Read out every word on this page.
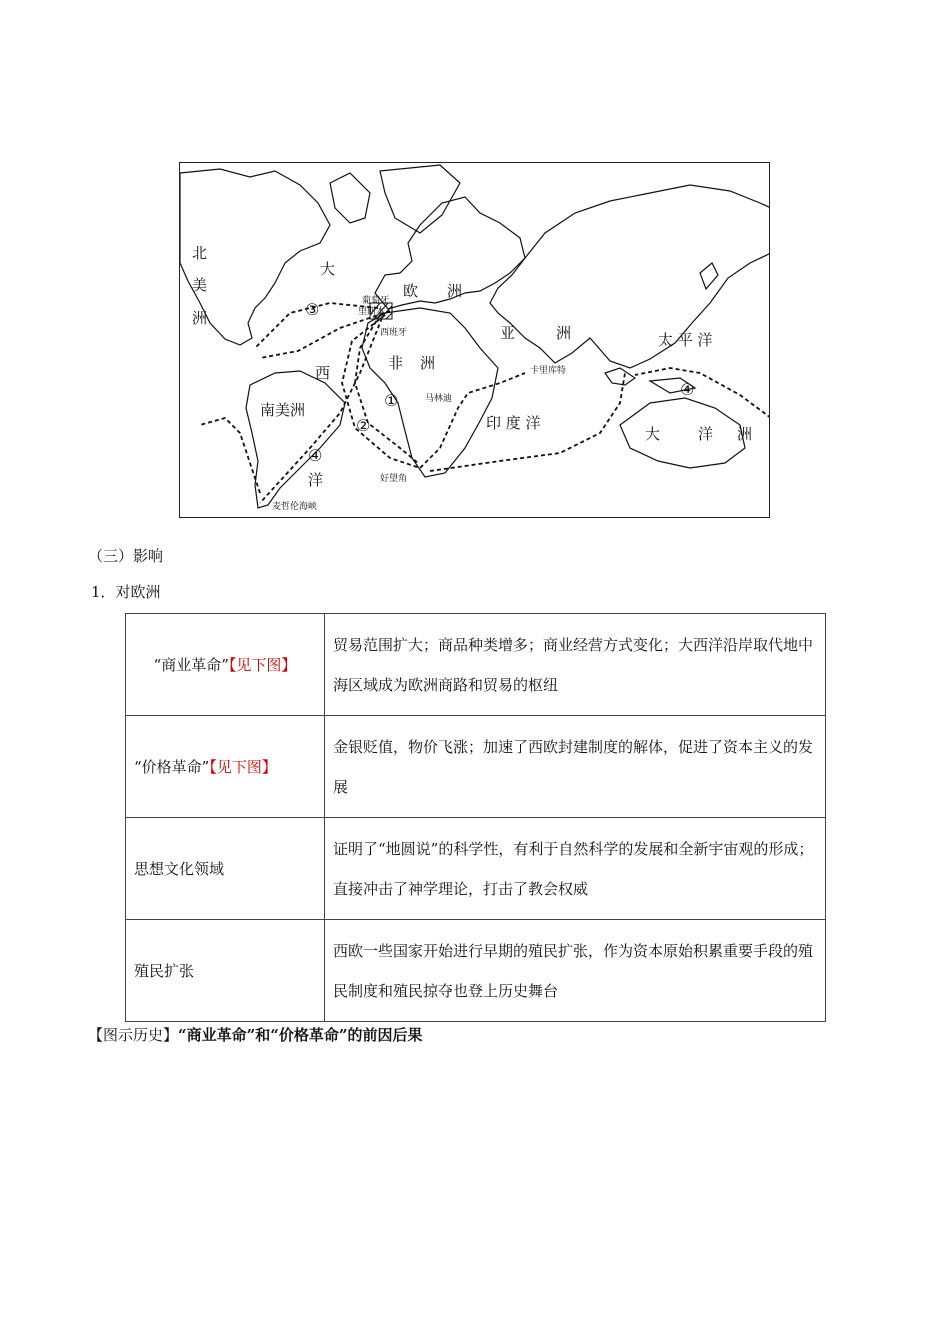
北
美
洲
南美洲
欧 洲
非 洲
亚	洲
大	洋 洲
大
西
洋
太 平 洋
印 度 洋
葡萄牙
里斯本
西班牙
马林迪
卡里库特
好望角
麦哲伦海峡
③
①
②
④
④
（三）影响
1．对欧洲
“商业革命”【见下图】	贸易范围扩大；商品种类增多；商业经营方式变化；大西洋沿岸取代地中海区域成为欧洲商路和贸易的枢纽
“价格革命”【见下图】	金银贬值，物价飞涨；加速了西欧封建制度的解体，促进了资本主义的发展
思想文化领域	证明了“地圆说”的科学性，有利于自然科学的发展和全新宇宙观的形成；直接冲击了神学理论，打击了教会权威
殖民扩张	西欧一些国家开始进行早期的殖民扩张，作为资本原始积累重要手段的殖民制度和殖民掠夺也登上历史舞台
【图示历史】“商业革命”和“价格革命”的前因后果
